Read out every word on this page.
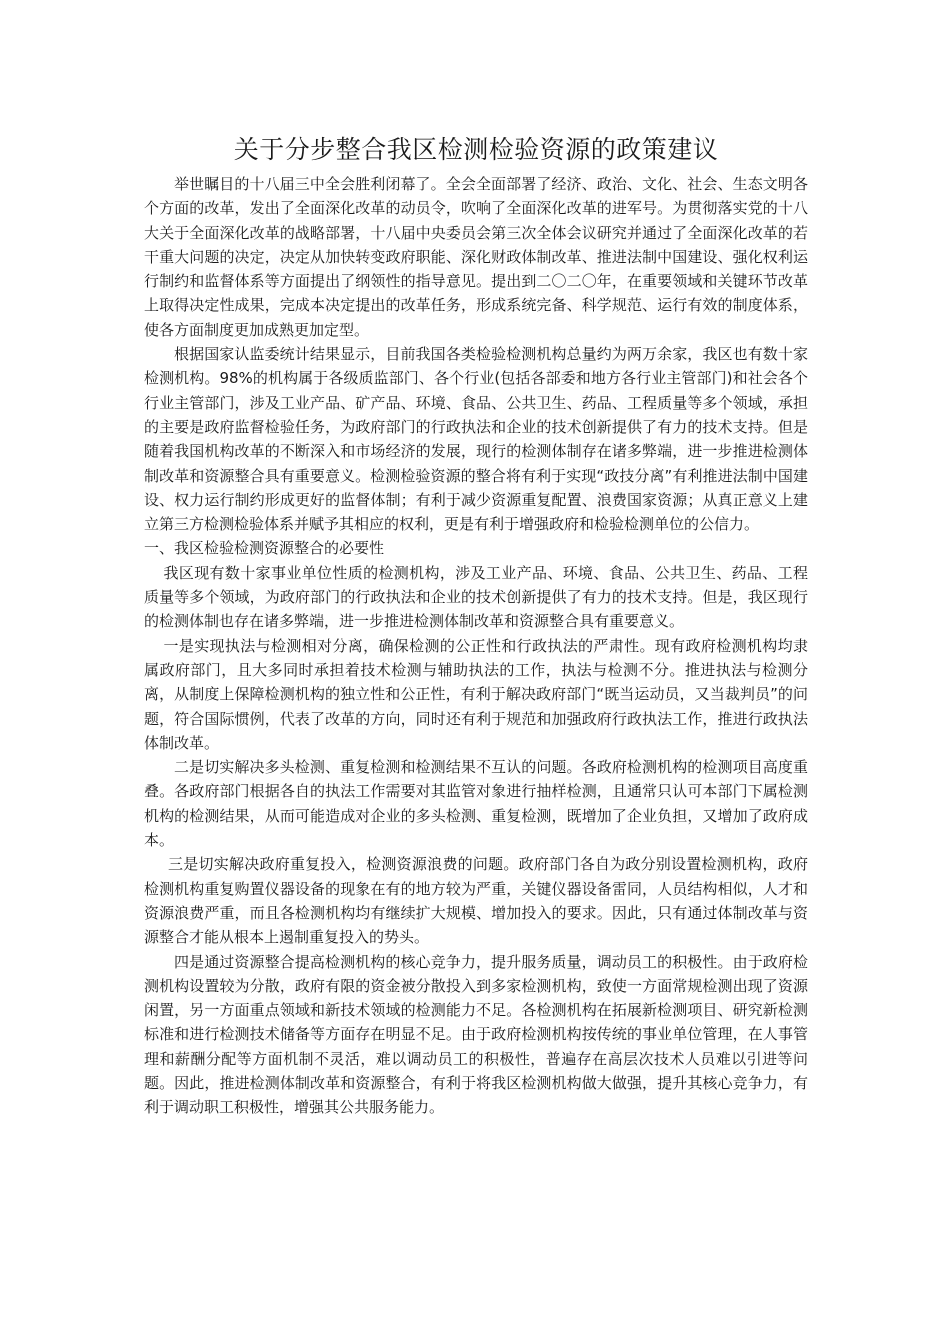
关于分步整合我区检测检验资源的政策建议

举世瞩目的十八届三中全会胜利闭幕了。全会全面部署了经济、政治、文化、社会、生态文明各个方面的改革，发出了全面深化改革的动员令，吹响了全面深化改革的进军号。为贯彻落实党的十八大关于全面深化改革的战略部署，十八届中央委员会第三次全体会议研究并通过了全面深化改革的若干重大问题的决定，决定从加快转变政府职能、深化财政体制改革、推进法制中国建设、强化权利运行制约和监督体系等方面提出了纲领性的指导意见。提出到二〇二〇年，在重要领域和关键环节改革上取得决定性成果，完成本决定提出的改革任务，形成系统完备、科学规范、运行有效的制度体系，使各方面制度更加成熟更加定型。

根据国家认监委统计结果显示，目前我国各类检验检测机构总量约为两万余家，我区也有数十家检测机构。98%的机构属于各级质监部门、各个行业(包括各部委和地方各行业主管部门)和社会各个行业主管部门，涉及工业产品、矿产品、环境、食品、公共卫生、药品、工程质量等多个领域，承担的主要是政府监督检验任务，为政府部门的行政执法和企业的技术创新提供了有力的技术支持。但是随着我国机构改革的不断深入和市场经济的发展，现行的检测体制存在诸多弊端，进一步推进检测体制改革和资源整合具有重要意义。检测检验资源的整合将有利于实现“政技分离”有利推进法制中国建设、权力运行制约形成更好的监督体制；有利于减少资源重复配置、浪费国家资源；从真正意义上建立第三方检测检验体系并赋予其相应的权利，更是有利于增强政府和检验检测单位的公信力。

一、我区检验检测资源整合的必要性

我区现有数十家事业单位性质的检测机构，涉及工业产品、环境、食品、公共卫生、药品、工程质量等多个领域，为政府部门的行政执法和企业的技术创新提供了有力的技术支持。但是，我区现行的检测体制也存在诸多弊端，进一步推进检测体制改革和资源整合具有重要意义。

一是实现执法与检测相对分离，确保检测的公正性和行政执法的严肃性。现有政府检测机构均隶属政府部门，且大多同时承担着技术检测与辅助执法的工作，执法与检测不分。推进执法与检测分离，从制度上保障检测机构的独立性和公正性，有利于解决政府部门“既当运动员，又当裁判员”的问题，符合国际惯例，代表了改革的方向，同时还有利于规范和加强政府行政执法工作，推进行政执法体制改革。

二是切实解决多头检测、重复检测和检测结果不互认的问题。各政府检测机构的检测项目高度重叠。各政府部门根据各自的执法工作需要对其监管对象进行抽样检测，且通常只认可本部门下属检测机构的检测结果，从而可能造成对企业的多头检测、重复检测，既增加了企业负担，又增加了政府成本。

三是切实解决政府重复投入，检测资源浪费的问题。政府部门各自为政分别设置检测机构，政府检测机构重复购置仪器设备的现象在有的地方较为严重，关键仪器设备雷同，人员结构相似，人才和资源浪费严重，而且各检测机构均有继续扩大规模、增加投入的要求。因此，只有通过体制改革与资源整合才能从根本上遏制重复投入的势头。

四是通过资源整合提高检测机构的核心竞争力，提升服务质量，调动员工的积极性。由于政府检测机构设置较为分散，政府有限的资金被分散投入到多家检测机构，致使一方面常规检测出现了资源闲置，另一方面重点领域和新技术领域的检测能力不足。各检测机构在拓展新检测项目、研究新检测标准和进行检测技术储备等方面存在明显不足。由于政府检测机构按传统的事业单位管理，在人事管理和薪酬分配等方面机制不灵活，难以调动员工的积极性，普遍存在高层次技术人员难以引进等问题。因此，推进检测体制改革和资源整合，有利于将我区检测机构做大做强，提升其核心竞争力，有利于调动职工积极性，增强其公共服务能力。
